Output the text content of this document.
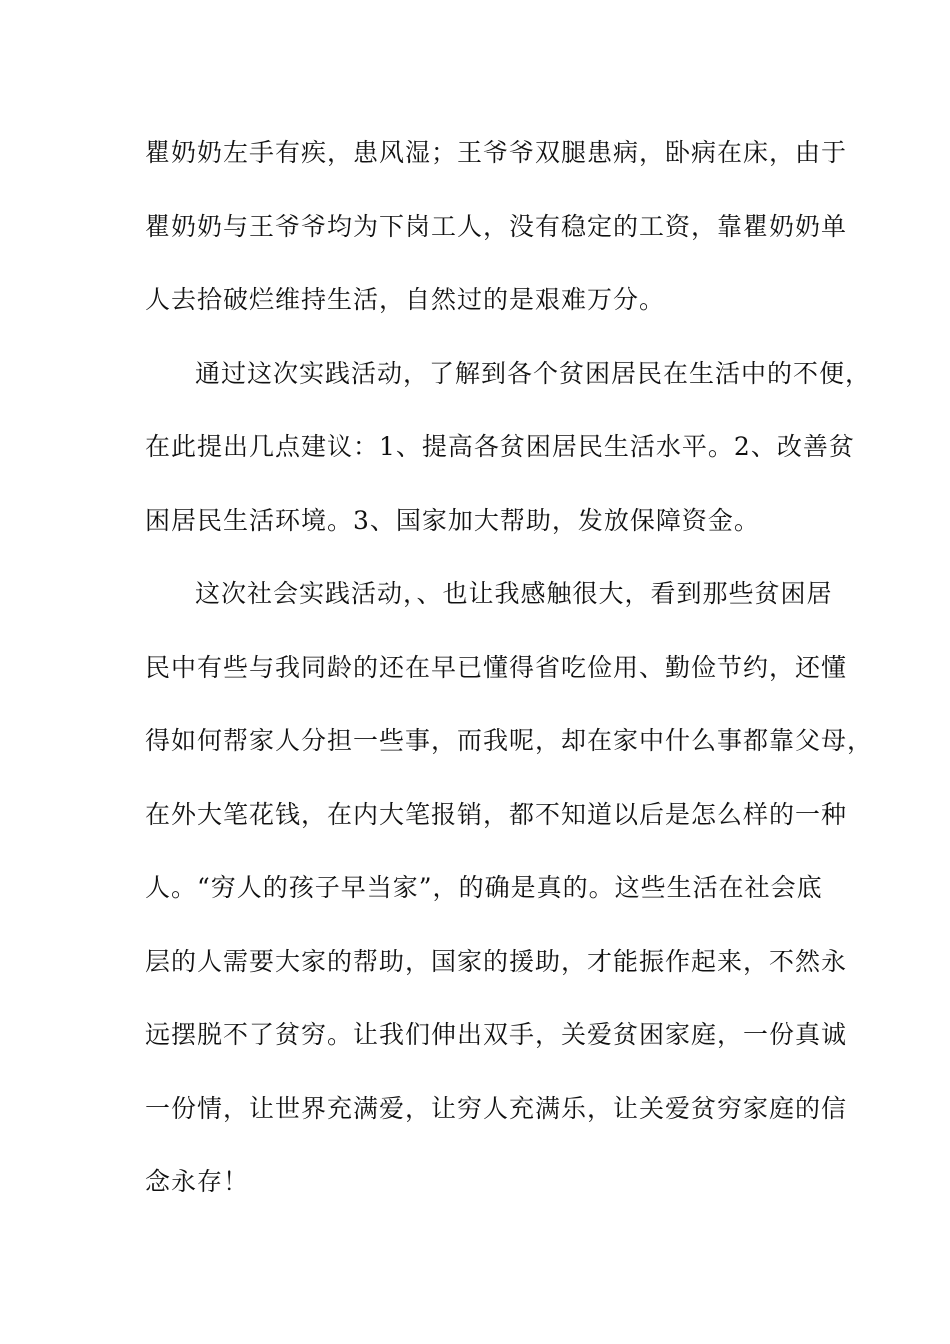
瞿奶奶左手有疾，患风湿；王爷爷双腿患病，卧病在床，由于
瞿奶奶与王爷爷均为下岗工人，没有稳定的工资，靠瞿奶奶单
人去拾破烂维持生活，自然过的是艰难万分。
通过这次实践活动，了解到各个贫困居民在生活中的不便，
在此提出几点建议：1、提高各贫困居民生活水平。2、改善贫
困居民生活环境。3、国家加大帮助，发放保障资金。
这次社会实践活动，、也让我感触很大，看到那些贫困居
民中有些与我同龄的还在早已懂得省吃俭用、勤俭节约，还懂
得如何帮家人分担一些事，而我呢，却在家中什么事都靠父母，
在外大笔花钱，在内大笔报销，都不知道以后是怎么样的一种
人。“穷人的孩子早当家”，的确是真的。这些生活在社会底
层的人需要大家的帮助，国家的援助，才能振作起来，不然永
远摆脱不了贫穷。让我们伸出双手，关爱贫困家庭，一份真诚
一份情，让世界充满爱，让穷人充满乐，让关爱贫穷家庭的信
念永存！
